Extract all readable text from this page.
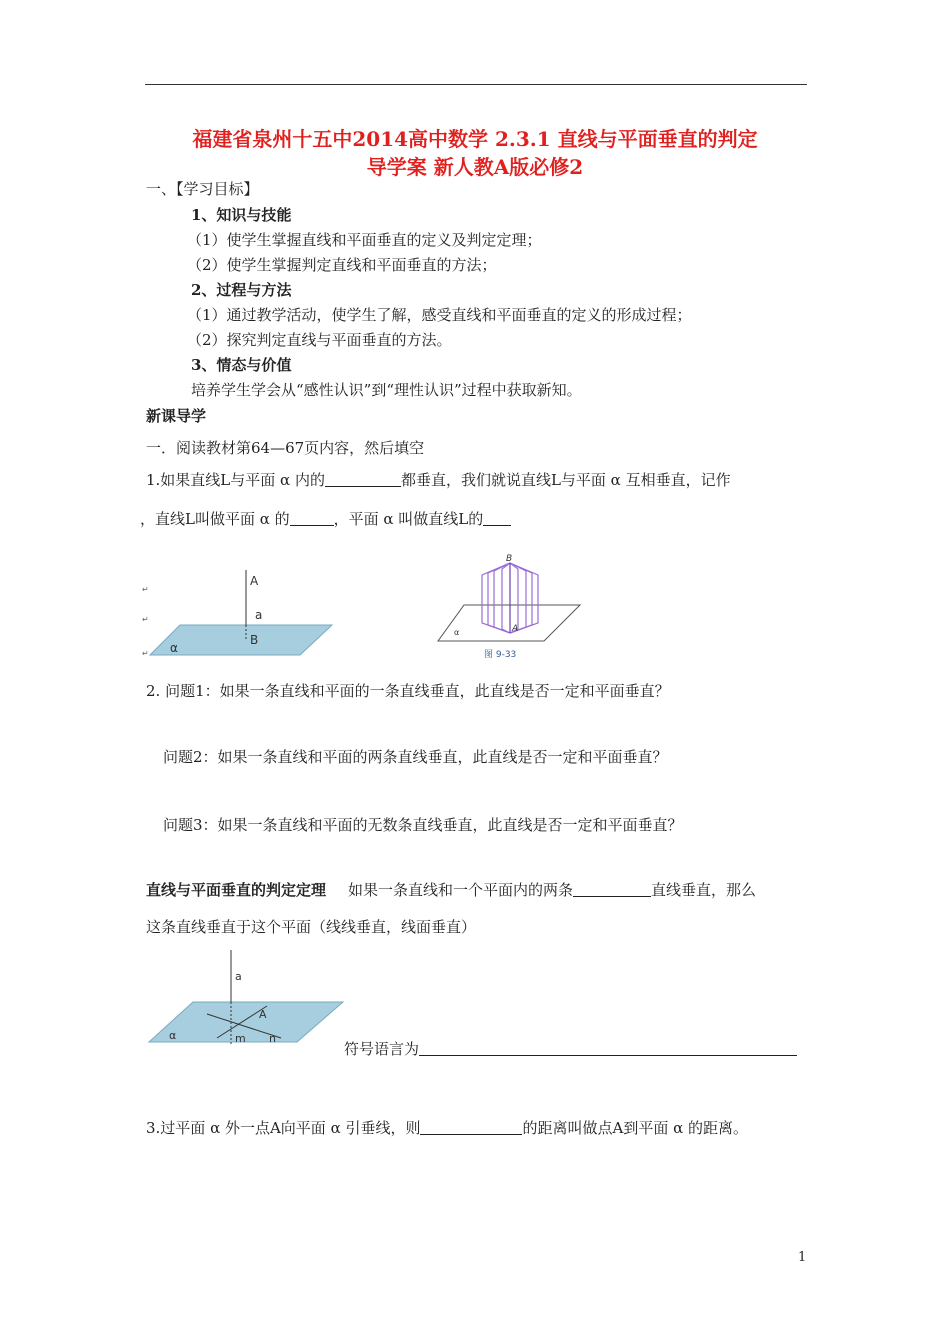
福建省泉州十五中2014高中数学 2.3.1 直线与平面垂直的判定
导学案 新人教A版必修2
一、【学习目标】
1、知识与技能
（1）使学生掌握直线和平面垂直的定义及判定定理；
（2）使学生掌握判定直线和平面垂直的方法；
2、过程与方法
（1）通过教学活动，使学生了解，感受直线和平面垂直的定义的形成过程；
（2）探究判定直线与平面垂直的方法。
3、情态与价值
培养学生学会从“感性认识”到“理性认识”过程中获取新知。
新课导学
一．阅读教材第64—67页内容，然后填空
1.如果直线L与平面 α 内的	都垂直，我们就说直线L与平面 α 互相垂直，记作
，直线L叫做平面 α 的	，平面 α 叫做直线L的
↵
↵
↵
A
a
B
α
B
A
α
图 9-33
2. 问题1：如果一条直线和平面的一条直线垂直，此直线是否一定和平面垂直？
问题2：如果一条直线和平面的两条直线垂直，此直线是否一定和平面垂直？
问题3：如果一条直线和平面的无数条直线垂直，此直线是否一定和平面垂直？
直线与平面垂直的判定定理 如果一条直线和一个平面内的两条	直线垂直，那么
这条直线垂直于这个平面（线线垂直，线面垂直）
a
A
α	m n
符号语言为
3.过平面 α 外一点A向平面 α 引垂线，则	的距离叫做点A到平面 α 的距离。
1
